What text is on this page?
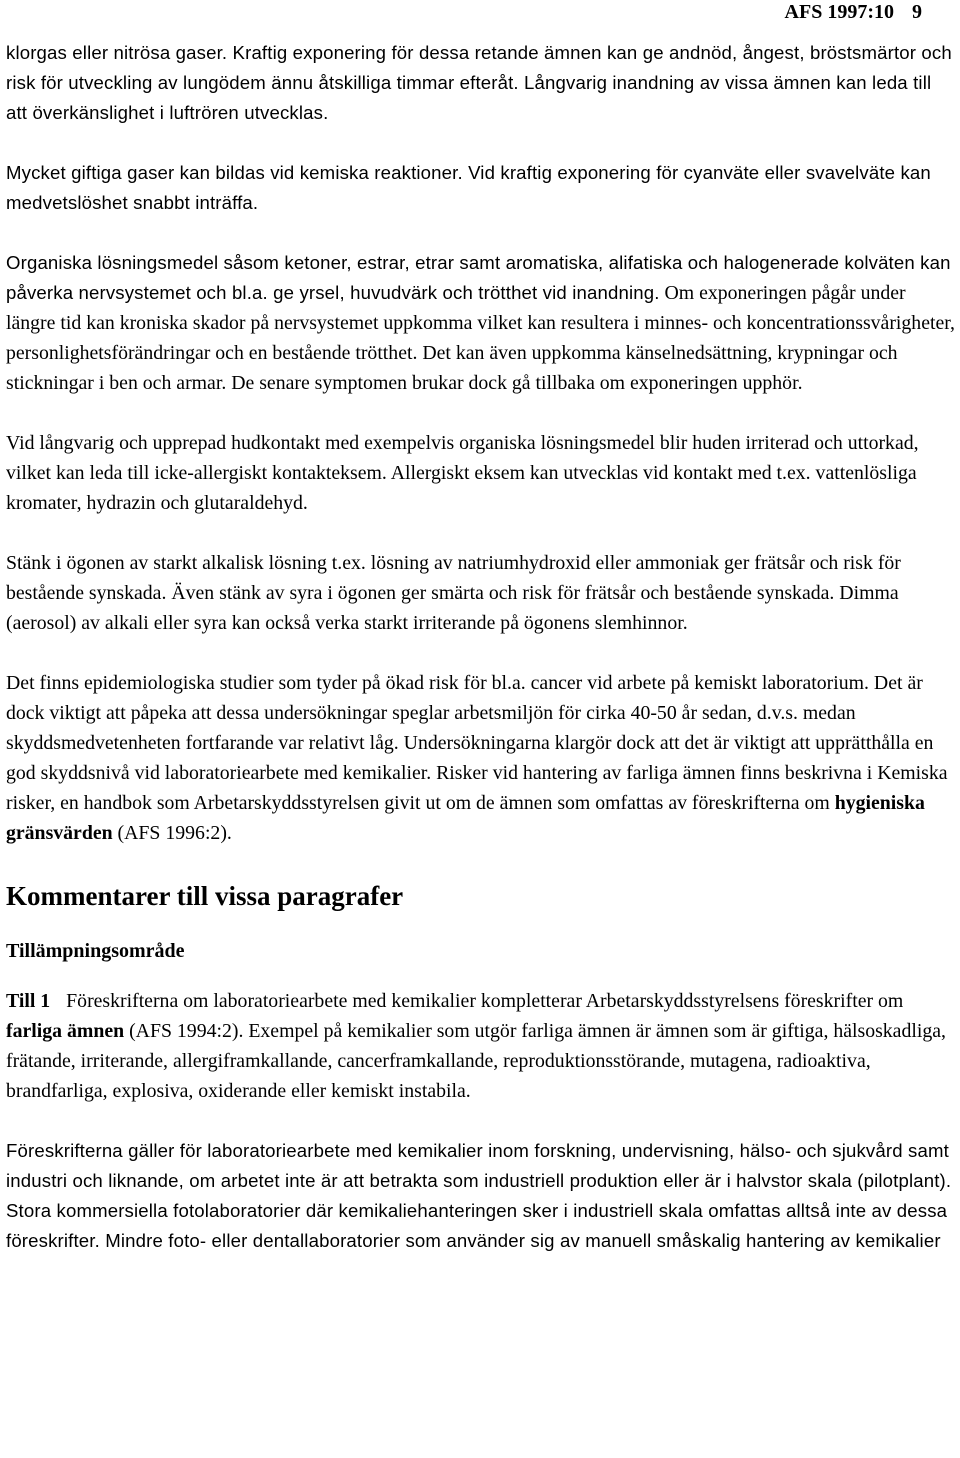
AFS 1997:10 9

klorgas eller nitrösa gaser. Kraftig exponering för dessa retande ämnen kan ge andnöd, ångest, bröstsmärtor och risk för utveckling av lungödem ännu åtskilliga timmar efteråt. Långvarig inandning av vissa ämnen kan leda till att överkänslighet i luftrören utvecklas.

Mycket giftiga gaser kan bildas vid kemiska reaktioner. Vid kraftig exponering för cyanväte eller svavelväte kan medvetslöshet snabbt inträffa.

Organiska lösningsmedel såsom ketoner, estrar, etrar samt aromatiska, alifatiska och halogenerade kolväten kan påverka nervsystemet och bl.a. ge yrsel, huvudvärk och trötthet vid inandning. Om exponeringen pågår under längre tid kan kroniska skador på nervsystemet uppkomma vilket kan resultera i minnes- och koncentrationssvårigheter, personlighetsförändringar och en bestående trötthet. Det kan även uppkomma känselnedsättning, krypningar och stickningar i ben och armar. De senare symptomen brukar dock gå tillbaka om exponeringen upphör.

Vid långvarig och upprepad hudkontakt med exempelvis organiska lösningsmedel blir huden irriterad och uttorkad, vilket kan leda till icke-allergiskt kontakteksem. Allergiskt eksem kan utvecklas vid kontakt med t.ex. vattenlösliga kromater, hydrazin och glutaraldehyd.

Stänk i ögonen av starkt alkalisk lösning t.ex. lösning av natriumhydroxid eller ammoniak ger frätsår och risk för bestående synskada. Även stänk av syra i ögonen ger smärta och risk för frätsår och bestående synskada. Dimma (aerosol) av alkali eller syra kan också verka starkt irriterande på ögonens slemhinnor.

Det finns epidemiologiska studier som tyder på ökad risk för bl.a. cancer vid arbete på kemiskt laboratorium. Det är dock viktigt att påpeka att dessa undersökningar speglar arbetsmiljön för cirka 40-50 år sedan, d.v.s. medan skyddsmedvetenheten fortfarande var relativt låg. Undersökningarna klargör dock att det är viktigt att upprätthålla en god skyddsnivå vid laboratoriearbete med kemikalier. Risker vid hantering av farliga ämnen finns beskrivna i Kemiska risker, en handbok som Arbetarskyddsstyrelsen givit ut om de ämnen som omfattas av föreskrifterna om hygieniska gränsvärden (AFS 1996:2).

Kommentarer till vissa paragrafer
Tillämpningsområde

Till 1 Föreskrifterna om laboratoriearbete med kemikalier kompletterar Arbetarskyddsstyrelsens föreskrifter om farliga ämnen (AFS 1994:2). Exempel på kemikalier som utgör farliga ämnen är ämnen som är giftiga, hälsoskadliga, frätande, irriterande, allergiframkallande, cancerframkallande, reproduktionsstörande, mutagena, radioaktiva, brandfarliga, explosiva, oxiderande eller kemiskt instabila.

Föreskrifterna gäller för laboratoriearbete med kemikalier inom forskning, undervisning, hälso- och sjukvård samt industri och liknande, om arbetet inte är att betrakta som industriell produktion eller är i halvstor skala (pilotplant). Stora kommersiella fotolaboratorier där kemikaliehanteringen sker i industriell skala omfattas alltså inte av dessa föreskrifter. Mindre foto- eller dentallaboratorier som använder sig av manuell småskalig hantering av kemikalier
